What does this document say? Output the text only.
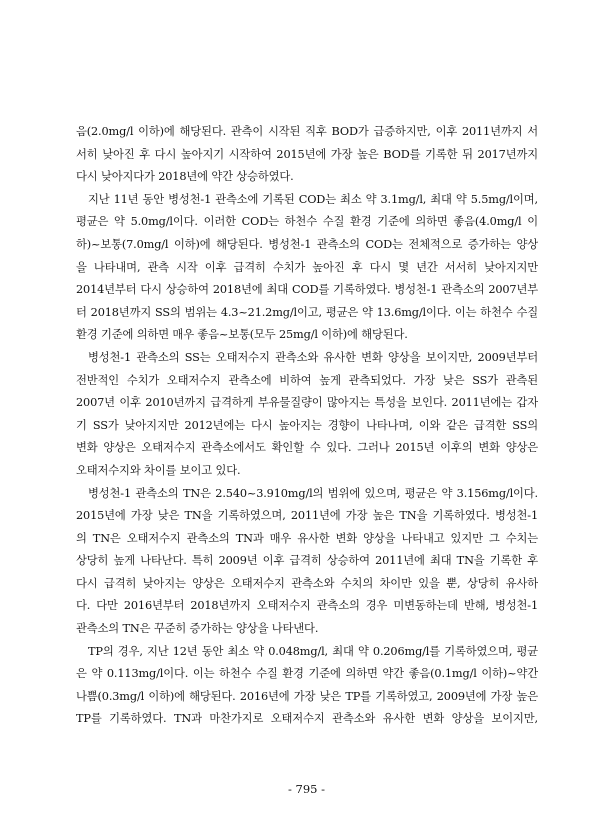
음(2.0mg/l 이하)에 해당된다. 관측이 시작된 직후 BOD가 급증하지만, 이후 2011년까지 서
서히 낮아진 후 다시 높아지기 시작하여 2015년에 가장 높은 BOD를 기록한 뒤 2017년까지
다시 낮아지다가 2018년에 약간 상승하였다.
지난 11년 동안 병성천-1 관측소에 기록된 COD는 최소 약 3.1mg/l, 최대 약 5.5mg/l이며,
평균은 약 5.0mg/l이다. 이러한 COD는 하천수 수질 환경 기준에 의하면 좋음(4.0mg/l 이
하)~보통(7.0mg/l 이하)에 해당된다. 병성천-1 관측소의 COD는 전체적으로 증가하는 양상
을 나타내며, 관측 시작 이후 급격히 수치가 높아진 후 다시 몇 년간 서서히 낮아지지만
2014년부터 다시 상승하여 2018년에 최대 COD를 기록하였다. 병성천-1 관측소의 2007년부
터 2018년까지 SS의 범위는 4.3~21.2mg/l이고, 평균은 약 13.6mg/l이다. 이는 하천수 수질
환경 기준에 의하면 매우 좋음~보통(모두 25mg/l 이하)에 해당된다.
병성천-1 관측소의 SS는 오태저수지 관측소와 유사한 변화 양상을 보이지만, 2009년부터
전반적인 수치가 오태저수지 관측소에 비하여 높게 관측되었다. 가장 낮은 SS가 관측된
2007년 이후 2010년까지 급격하게 부유물질량이 많아지는 특성을 보인다. 2011년에는 갑자
기 SS가 낮아지지만 2012년에는 다시 높아지는 경향이 나타나며, 이와 같은 급격한 SS의
변화 양상은 오태저수지 관측소에서도 확인할 수 있다. 그러나 2015년 이후의 변화 양상은
오태저수지와 차이를 보이고 있다.
병성천-1 관측소의 TN은 2.540~3.910mg/l의 범위에 있으며, 평균은 약 3.156mg/l이다.
2015년에 가장 낮은 TN을 기록하였으며, 2011년에 가장 높은 TN을 기록하였다. 병성천-1
의 TN은 오태저수지 관측소의 TN과 매우 유사한 변화 양상을 나타내고 있지만 그 수치는
상당히 높게 나타난다. 특히 2009년 이후 급격히 상승하여 2011년에 최대 TN을 기록한 후
다시 급격히 낮아지는 양상은 오태저수지 관측소와 수치의 차이만 있을 뿐, 상당히 유사하
다. 다만 2016년부터 2018년까지 오태저수지 관측소의 경우 미변동하는데 반해, 병성천-1
관측소의 TN은 꾸준히 증가하는 양상을 나타낸다.
TP의 경우, 지난 12년 동안 최소 약 0.048mg/l, 최대 약 0.206mg/l를 기록하였으며, 평균
은 약 0.113mg/l이다. 이는 하천수 수질 환경 기준에 의하면 약간 좋음(0.1mg/l 이하)~약간
나쁨(0.3mg/l 이하)에 해당된다. 2016년에 가장 낮은 TP를 기록하였고, 2009년에 가장 높은
TP를 기록하였다. TN과 마찬가지로 오태저수지 관측소와 유사한 변화 양상을 보이지만,
- 795 -
